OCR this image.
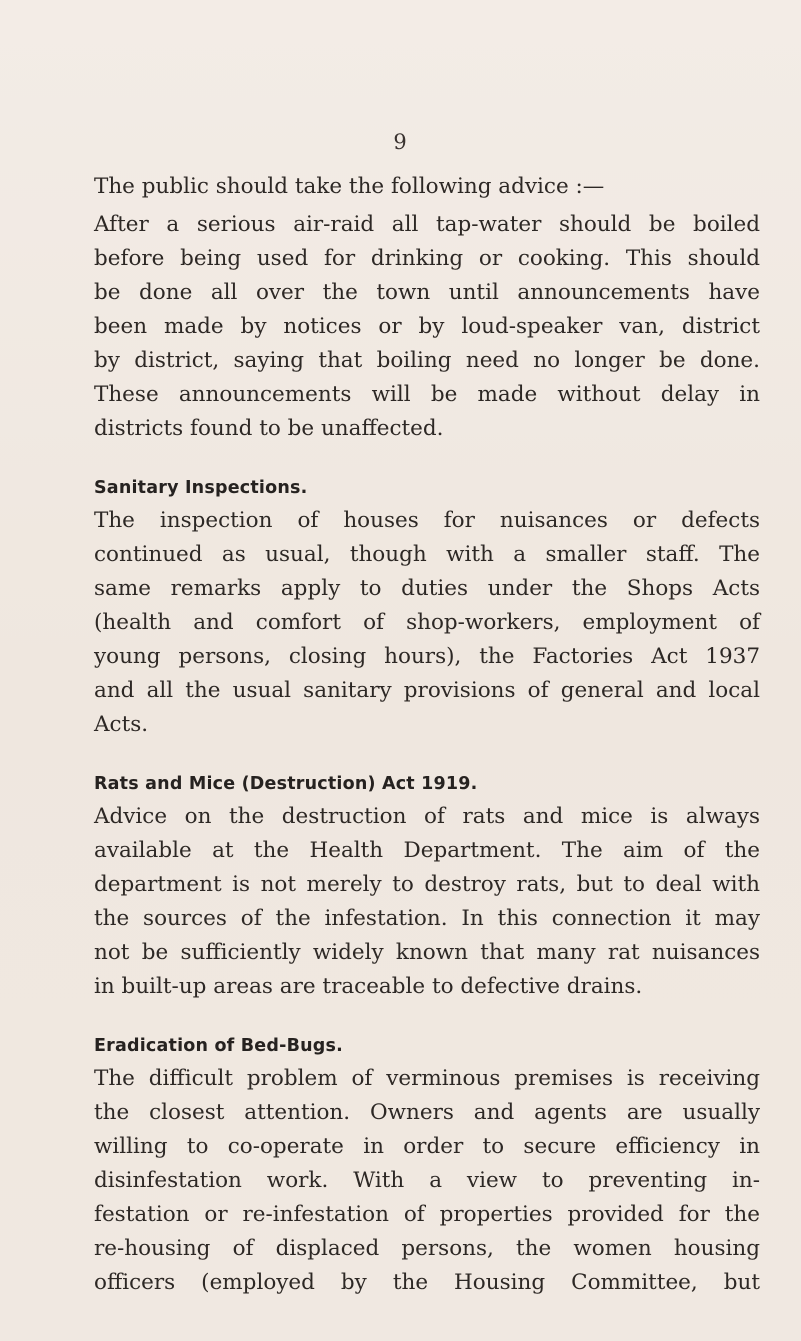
9

The public should take the following advice :—

After a serious air-raid all tap-water should be boiled
before being used for drinking or cooking. This should
be done all over the town until announcements have
been made by notices or by loud-speaker van, district
by district, saying that boiling need no longer be done.
These announcements will be made without delay in
districts found to be unaffected.

Sanitary Inspections.

The inspection of houses for nuisances or defects
continued as usual, though with a smaller staff. The
same remarks apply to duties under the Shops Acts
(health and comfort of shop-workers, employment of
young persons, closing hours), the Factories Act 1937
and all the usual sanitary provisions of general and local
Acts.

Rats and Mice (Destruction) Act 1919.

Advice on the destruction of rats and mice is always
available at the Health Department. The aim of the
department is not merely to destroy rats, but to deal with
the sources of the infestation. In this connection it may
not be sufficiently widely known that many rat nuisances
in built-up areas are traceable to defective drains.

Eradication of Bed-Bugs.

The difficult problem of verminous premises is receiving
the closest attention. Owners and agents are usually
willing to co-operate in order to secure efficiency in
disinfestation work. With a view to preventing in-
festation or re-infestation of properties provided for the
re-housing of displaced persons, the women housing
officers (employed by the Housing Committee, but
